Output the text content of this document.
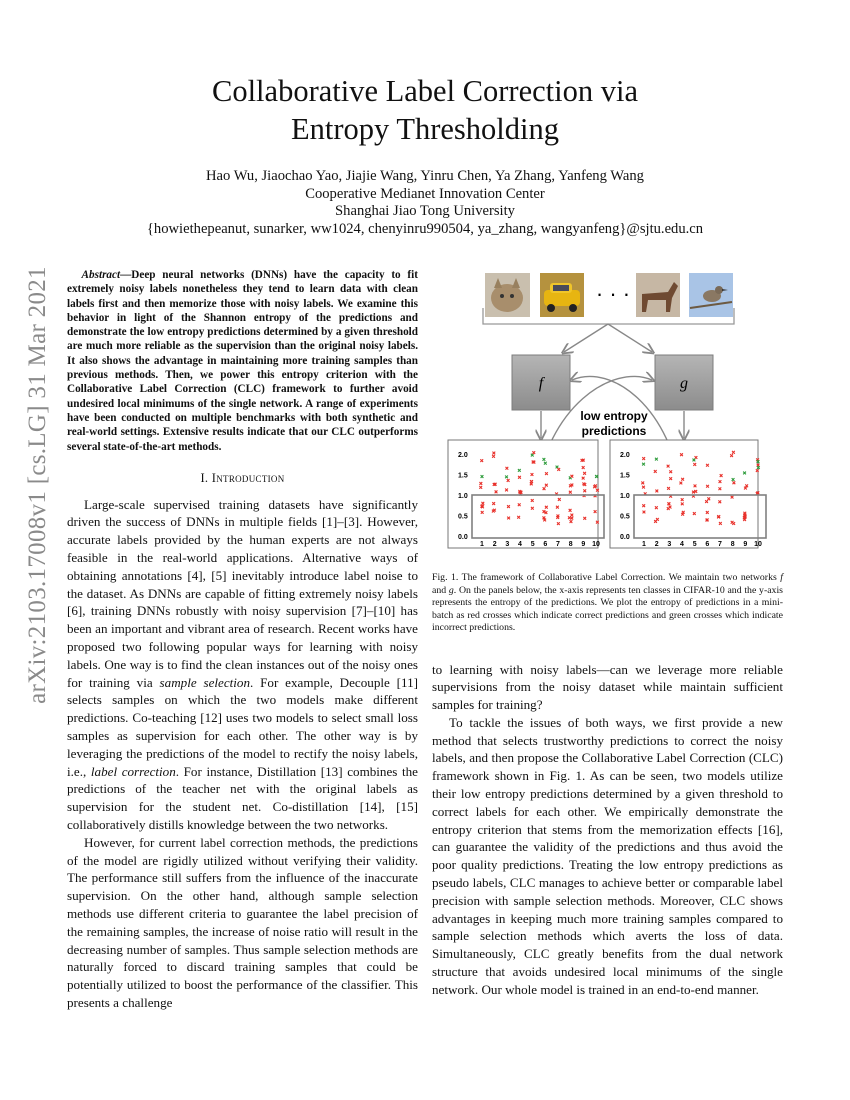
arXiv:2103.17008v1 [cs.LG] 31 Mar 2021
Collaborative Label Correction via
Entropy Thresholding
Hao Wu, Jiaochao Yao, Jiajie Wang, Yinru Chen, Ya Zhang, Yanfeng Wang
Cooperative Medianet Innovation Center
Shanghai Jiao Tong University
{howiethepeanut, sunarker, ww1024, chenyinru990504, ya_zhang, wangyanfeng}@sjtu.edu.cn

Abstract—Deep neural networks (DNNs) have the capacity to fit extremely noisy labels nonetheless they tend to learn data with clean labels first and then memorize those with noisy labels. We examine this behavior in light of the Shannon entropy of the predictions and demonstrate the low entropy predictions determined by a given threshold are much more reliable as the supervision than the original noisy labels. It also shows the advantage in maintaining more training samples than previous methods. Then, we power this entropy criterion with the Collaborative Label Correction (CLC) framework to further avoid undesired local minimums of the single network. A range of experiments have been conducted on multiple benchmarks with both synthetic and real-world settings. Extensive results indicate that our CLC outperforms several state-of-the-art methods.

I. Introduction

Large-scale supervised training datasets have significantly driven the success of DNNs in multiple fields [1]–[3]. However, accurate labels provided by the human experts are not always feasible in the real-world applications. Alternative ways of obtaining annotations [4], [5] inevitably introduce label noise to the dataset. As DNNs are capable of fitting extremely noisy labels [6], training DNNs robustly with noisy supervision [7]–[10] has been an important and vibrant area of research. Recent works have proposed two following popular ways for learning with noisy labels. One way is to find the clean instances out of the noisy ones for training via sample selection. For example, Decouple [11] selects samples on which the two models make different predictions. Co-teaching [12] uses two models to select small loss samples as supervision for each other. The other way is by leveraging the predictions of the model to rectify the noisy labels, i.e., label correction. For instance, Distillation [13] combines the predictions of the teacher net with the original labels as supervision for the student net. Co-distillation [14], [15] collaboratively distills knowledge between the two networks.

However, for current label correction methods, the predictions of the model are rigidly utilized without verifying their validity. The performance still suffers from the influence of the inaccurate supervision. On the other hand, although sample selection methods use different criteria to guarantee the label precision of the remaining samples, the increase of noise ratio will result in the decreasing number of samples. Thus sample selection methods are naturally forced to discard training samples that could be potentially utilized to boost the performance of the classifier. This presents a challenge

· · ·
f	g
low entropy
predictions
0.0
0.5
1.0
1.5
2.0
1 2 3 4 5 6 7 8 9 10
0.0
0.5
1.0
1.5
2.0
1 2 3 4 5 6 7 8 9 10

Fig. 1. The framework of Collaborative Label Correction. We maintain two networks f and g. On the panels below, the x-axis represents ten classes in CIFAR-10 and the y-axis represents the entropy of the predictions. We plot the entropy of predictions in a mini-batch as red crosses which indicate correct predictions and green crosses which indicate incorrect predictions.

to learning with noisy labels—can we leverage more reliable supervisions from the noisy dataset while maintain sufficient samples for training?

To tackle the issues of both ways, we first provide a new method that selects trustworthy predictions to correct the noisy labels, and then propose the Collaborative Label Correction (CLC) framework shown in Fig. 1. As can be seen, two models utilize their low entropy predictions determined by a given threshold to correct labels for each other. We empirically demonstrate the entropy criterion that stems from the memorization effects [16], can guarantee the validity of the predictions and thus avoid the poor quality predictions. Treating the low entropy predictions as pseudo labels, CLC manages to achieve better or comparable label precision with sample selection methods. Moreover, CLC shows advantages in keeping much more training samples compared to sample selection methods which averts the loss of data. Simultaneously, CLC greatly benefits from the dual network structure that avoids undesired local minimums of the single network. Our whole model is trained in an end-to-end manner.
